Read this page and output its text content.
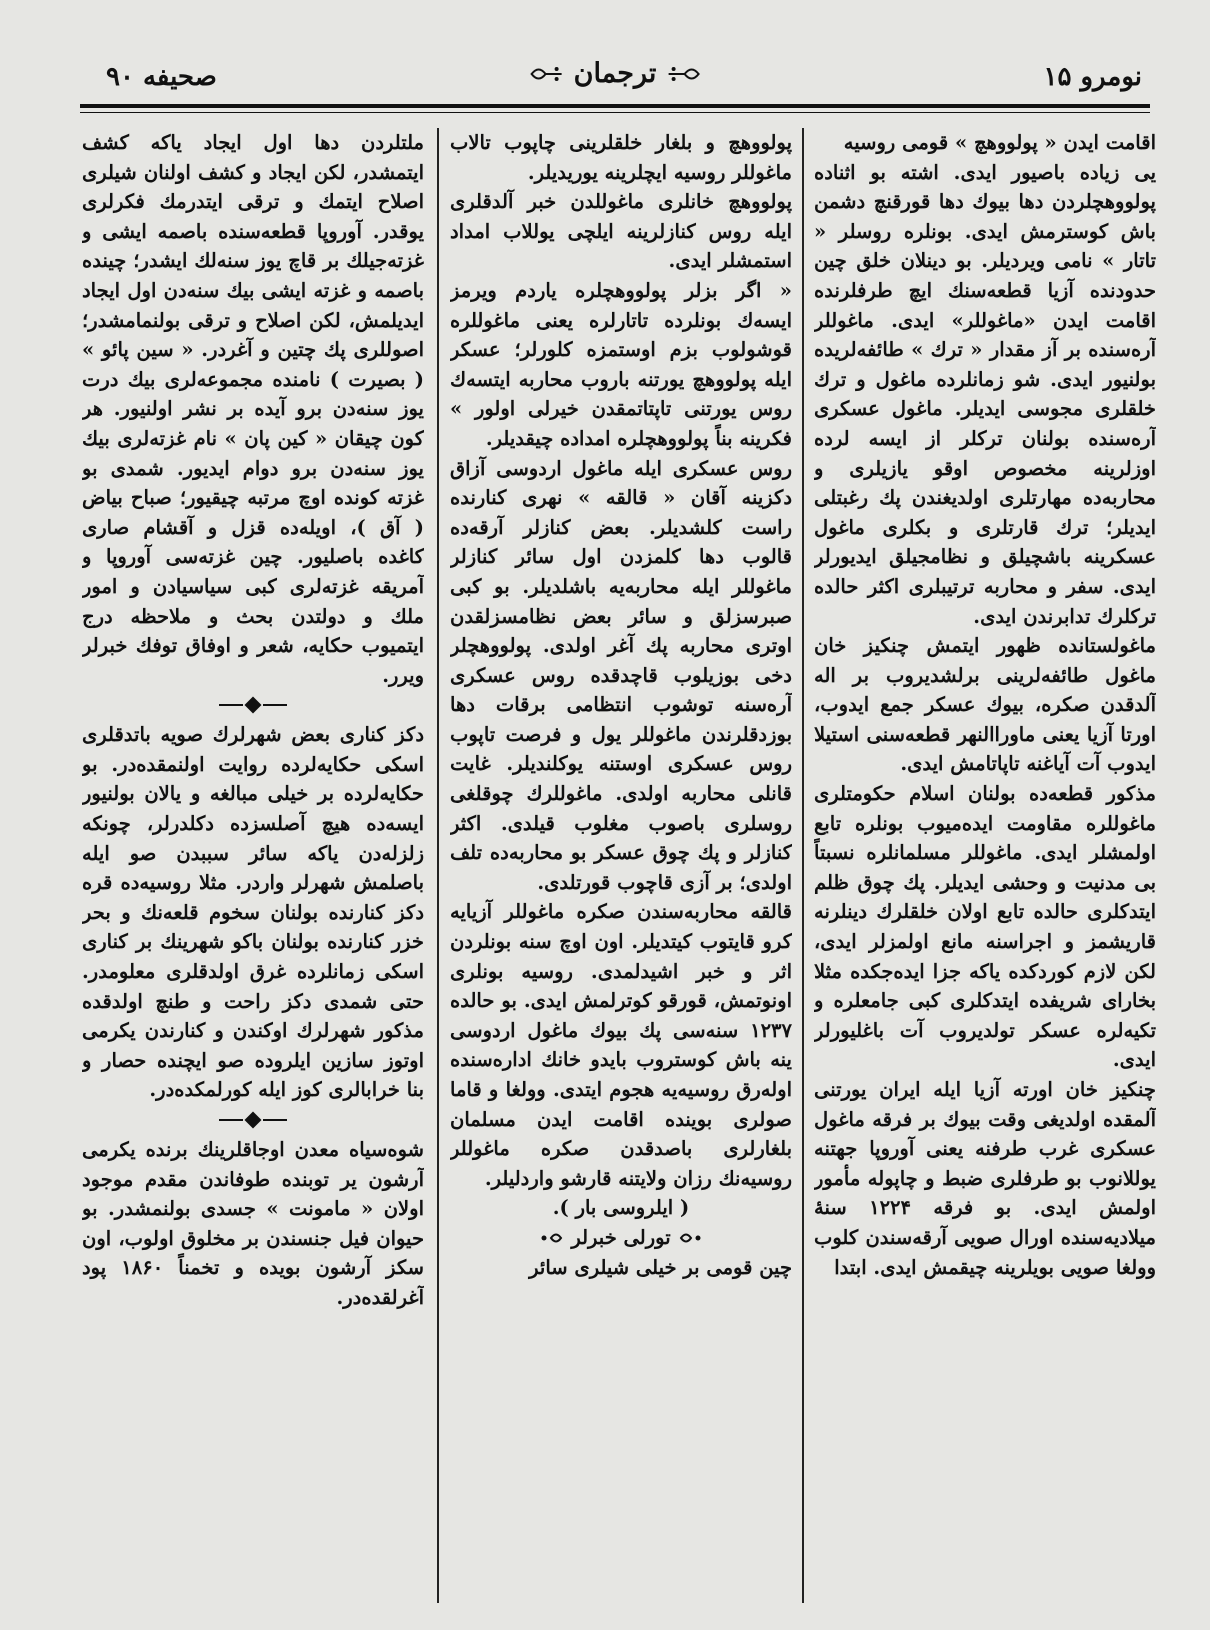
صحيفه ۹۰	ترجمان	نومرو ۱۵

اقامت ايدن « پولووهچ » قومى روسيه
يى زياده باصيور ايدى. اشته بو اثناده پولووهچلردن دها بيوك دها قورقنچ دشمن باش كوسترمش ايدى. بونلره روسلر « تاتار » نامى ويرديلر. بو دينلان خلق چين حدودنده آزيا قطعه‌سنك ايچ طرفلرنده اقامت ايدن «ماغوللر» ايدى. ماغوللر آره‌سنده بر آز مقدار « ترك » طائفه‌لريده بولنيور ايدى. شو زمانلرده ماغول و ترك خلقلرى مجوسى ايديلر. ماغول عسكرى آره‌سنده بولنان تركلر از ايسه لرده اوزلرينه مخصوص اوقو يازيلرى و محاربه‌ده مهارتلرى اولديغندن پك رغبتلى ايديلر؛ ترك قارتلرى و بكلرى ماغول عسكرينه باشچيلق و نظامجيلق ايديورلر ايدى. سفر و محاربه ترتيبلرى اكثر حالده تركلرك تدابرندن ايدى.

ماغولستانده ظهور ايتمش چنكيز خان ماغول طائفه‌لرينى برلشديروب بر اله آلدقدن صكره، بيوك عسكر جمع ايدوب، اورتا آزيا يعنى ماوراالنهر قطعه‌سنى استيلا ايدوب آت آياغنه تاپاتامش ايدى.

مذكور قطعه‌ده بولنان اسلام حكومتلرى ماغوللره مقاومت ايده‌ميوب بونلره تابع اولمشلر ايدى. ماغوللر مسلمانلره نسبتاً بى مدنيت و وحشى ايديلر. پك چوق ظلم ايتدكلرى حالده تابع اولان خلقلرك دينلرنه قاريشمز و اجراسنه مانع اولمزلر ايدى، لكن لازم كوردكده ياكه جزا ايده‌جكده مثلا بخاراى شريفده ايتدكلرى كبى جامعلره و تكيه‌لره عسكر تولديروب آت باغليورلر ايدى.

چنكيز خان اورته آزيا ايله ايران يورتنى آلمقده اولديغى وقت بيوك بر فرقه ماغول عسكرى غرب طرفنه يعنى آوروپا جهتنه يوللانوب بو طرفلرى ضبط و چاپوله مأمور اولمش ايدى. بو فرقه ۱۲۲۴ سنهٔ ميلاديه‌سنده اورال صويى آرقه‌سندن كلوب وولغا صويى بويلرينه چيقمش ايدى. ابتدا

پولووهچ و بلغار خلقلرينى چاپوب تالاب ماغوللر روسيه ايچلرينه يوريديلر.

پولووهچ خانلرى ماغوللدن خبر آلدقلرى ايله روس كنازلرينه ايلچى يوللاب امداد استمشلر ايدى.

« اگر بزلر پولووهچلره ياردم ويرمز ايسه‌ك بونلرده تاتارلره يعنى ماغوللره قوشولوب بزم اوستمزه كلورلر؛ عسكر ايله پولووهچ يورتنه باروب محاربه ايتسه‌ك روس يورتنى تاپتاتمقدن خيرلى اولور » فكرينه بناً پولووهچلره امداده چيقديلر.

روس عسكرى ايله ماغول اردوسى آزاق دكزينه آقان « قالقه » نهرى كنارنده راست كلشديلر. بعض كنازلر آرقه‌ده قالوب دها كلمزدن اول سائر كنازلر ماغوللر ايله محاربه‌يه باشلديلر. بو كبى صبرسزلق و سائر بعض نظامسزلقدن اوترى محاربه پك آغر اولدى. پولووهچلر دخى بوزيلوب قاچدقده روس عسكرى آره‌سنه توشوب انتظامى برقات دها بوزدقلرندن ماغوللر يول و فرصت تاپوب روس عسكرى اوستنه يوكلنديلر. غايت قانلى محاربه اولدى. ماغوللرك چوقلغى روسلرى باصوب مغلوب قيلدى. اكثر كنازلر و پك چوق عسكر بو محاربه‌ده تلف اولدى؛ بر آزى قاچوب قورتلدى.

قالقه محاربه‌سندن صكره ماغوللر آزيايه كرو قايتوب كيتديلر. اون اوچ سنه بونلردن اثر و خبر اشيدلمدى. روسيه بونلرى اونوتمش، قورقو كوترلمش ايدى. بو حالده ۱۲۳۷ سنه‌سى پك بيوك ماغول اردوسى ينه باش كوستروب بايدو خانك اداره‌سنده اوله‌رق روسيه‌يه هجوم ايتدى. وولغا و قاما صولرى بوينده اقامت ايدن مسلمان بلغارلرى باصدقدن صكره ماغوللر روسيه‌نك رزان ولايتنه قارشو واردليلر.

( ايلروسى بار ).

تورلى خبرلر

چين قومى بر خيلى شيلرى سائر

ملتلردن دها اول ايجاد ياكه كشف ايتمشدر، لكن ايجاد و كشف اولنان شيلرى اصلاح ايتمك و ترقى ايتدرمك فكرلرى يوقدر. آوروپا قطعه‌سنده باصمه ايشى و غزته‌جيلك بر قاچ يوز سنه‌لك ايشدر؛ چينده باصمه و غزته ايشى بيك سنه‌دن اول ايجاد ايديلمش، لكن اصلاح و ترقى بولنمامشدر؛ اصوللرى پك چتين و آغردر. « سين پائو » ( بصيرت ) نامنده مجموعه‌لرى بيك درت يوز سنه‌دن برو آيده بر نشر اولنيور. هر كون چيقان « كين پان » نام غزته‌لرى بيك يوز سنه‌دن برو دوام ايديور. شمدى بو غزته كونده اوچ مرتبه چيقيور؛ صباح بياض ( آق )، اويله‌ده قزل و آقشام صارى كاغده باصليور. چين غزته‌سى آوروپا و آمريقه غزته‌لرى كبى سياسيادن و امور ملك و دولتدن بحث و ملاحظه درج ايتميوب حكايه، شعر و اوفاق توفك خبرلر ويرر.

دكز كنارى بعض شهرلرك صويه باتدقلرى اسكى حكايه‌لرده روايت اولنمقده‌در. بو حكايه‌لرده بر خيلى مبالغه و يالان بولنيور ايسه‌ده هيچ آصلسزده دكلدرلر، چونكه زلزله‌دن ياكه سائر سببدن صو ايله باصلمش شهرلر واردر. مثلا روسيه‌ده قره دكز كنارنده بولنان سخوم قلعه‌نك و بحر خزر كنارنده بولنان باكو شهرينك بر كنارى اسكى زمانلرده غرق اولدقلرى معلومدر. حتى شمدى دكز راحت و طنچ اولدقده مذكور شهرلرك اوكندن و كنارندن يكرمى اوتوز سازين ايلروده صو ايچنده حصار و بنا خرابالرى كوز ايله كورلمكده‌در.

شوه‌سياه معدن اوجاقلرينك برنده يكرمى آرشون ير توبنده طوفاندن مقدم موجود اولان « مامونت » جسدى بولنمشدر. بو حيوان فيل جنسندن بر مخلوق اولوب، اون سكز آرشون بويده و تخمناً ۱۸۶۰ پود آغرلقده‌در.
